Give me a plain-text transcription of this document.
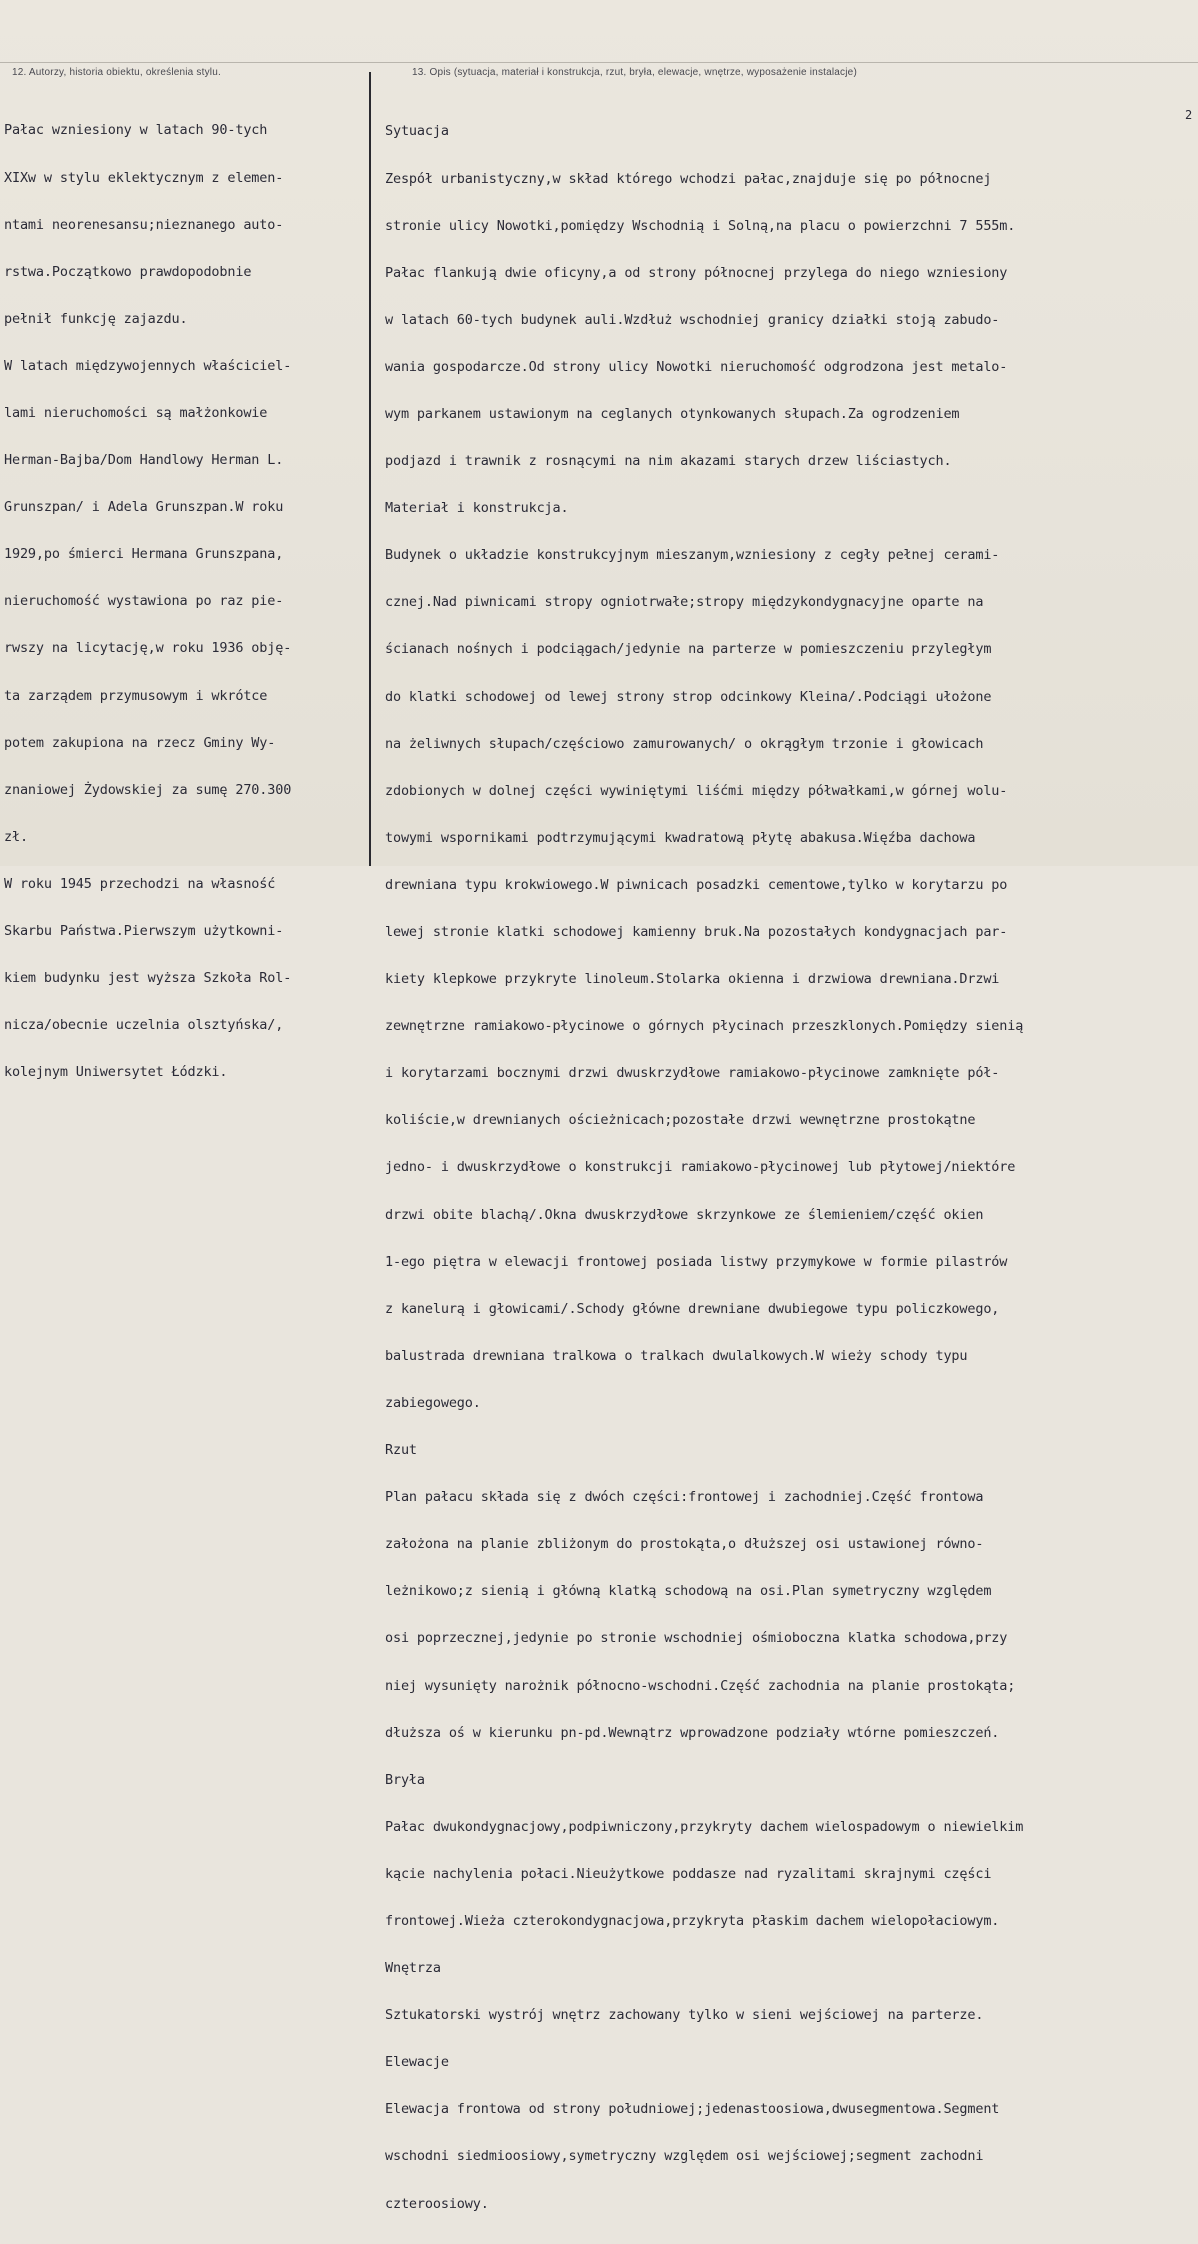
12. Autorzy, historia obiektu, określenia stylu.	13. Opis (sytuacja, materiał i konstrukcja, rzut, bryła, elewacje, wnętrze, wyposażenie instalacje)

Pałac wzniesiony w latach 90-tych

XIXw w stylu eklektycznym z elemen-

ntami neorenesansu;nieznanego auto-

rstwa.Początkowo prawdopodobnie

pełnił funkcję zajazdu.

W latach międzywojennych właściciel-

lami nieruchomości są małżonkowie

Herman-Bajba/Dom Handlowy Herman L.

Grunszpan/ i Adela Grunszpan.W roku

1929,po śmierci Hermana Grunszpana,

nieruchomość wystawiona po raz pie-

rwszy na licytację,w roku 1936 obję-

ta zarządem przymusowym i wkrótce

potem zakupiona na rzecz Gminy Wy-

znaniowej Żydowskiej za sumę 270.300

zł.

W roku 1945 przechodzi na własność

Skarbu Państwa.Pierwszym użytkowni-

kiem budynku jest wyższa Szkoła Rol-

nicza/obecnie uczelnia olsztyńska/,

kolejnym Uniwersytet Łódzki.

Sytuacja

Zespół urbanistyczny,w skład którego wchodzi pałac,znajduje się po północnej

stronie ulicy Nowotki,pomiędzy Wschodnią i Solną,na placu o powierzchni 7 555m.

Pałac flankują dwie oficyny,a od strony północnej przylega do niego wzniesiony

w latach 60-tych budynek auli.Wzdłuż wschodniej granicy działki stoją zabudo-

wania gospodarcze.Od strony ulicy Nowotki nieruchomość odgrodzona jest metalo-

wym parkanem ustawionym na ceglanych otynkowanych słupach.Za ogrodzeniem

podjazd i trawnik z rosnącymi na nim akazami starych drzew liściastych.

Materiał i konstrukcja.

Budynek o układzie konstrukcyjnym mieszanym,wzniesiony z cegły pełnej cerami-

cznej.Nad piwnicami stropy ogniotrwałe;stropy międzykondygnacyjne oparte na

ścianach nośnych i podciągach/jedynie na parterze w pomieszczeniu przyległym

do klatki schodowej od lewej strony strop odcinkowy Kleina/.Podciągi ułożone

na żeliwnych słupach/częściowo zamurowanych/ o okrągłym trzonie i głowicach

zdobionych w dolnej części wywiniętymi liśćmi między półwałkami,w górnej wolu-

towymi wspornikami podtrzymującymi kwadratową płytę abakusa.Więźba dachowa

drewniana typu krokwiowego.W piwnicach posadzki cementowe,tylko w korytarzu po

lewej stronie klatki schodowej kamienny bruk.Na pozostałych kondygnacjach par-

kiety klepkowe przykryte linoleum.Stolarka okienna i drzwiowa drewniana.Drzwi

zewnętrzne ramiakowo-płycinowe o górnych płycinach przeszklonych.Pomiędzy sienią

i korytarzami bocznymi drzwi dwuskrzydłowe ramiakowo-płycinowe zamknięte pół-

koliście,w drewnianych ościeżnicach;pozostałe drzwi wewnętrzne prostokątne

jedno- i dwuskrzydłowe o konstrukcji ramiakowo-płycinowej lub płytowej/niektóre

drzwi obite blachą/.Okna dwuskrzydłowe skrzynkowe ze ślemieniem/część okien

1-ego piętra w elewacji frontowej posiada listwy przymykowe w formie pilastrów

z kanelurą i głowicami/.Schody główne drewniane dwubiegowe typu policzkowego,

balustrada drewniana tralkowa o tralkach dwulalkowych.W wieży schody typu

zabiegowego.

Rzut

Plan pałacu składa się z dwóch części:frontowej i zachodniej.Część frontowa

założona na planie zbliżonym do prostokąta,o dłuższej osi ustawionej równo-

leżnikowo;z sienią i główną klatką schodową na osi.Plan symetryczny względem

osi poprzecznej,jedynie po stronie wschodniej ośmioboczna klatka schodowa,przy

niej wysunięty narożnik północno-wschodni.Część zachodnia na planie prostokąta;

dłuższa oś w kierunku pn-pd.Wewnątrz wprowadzone podziały wtórne pomieszczeń.

Bryła

Pałac dwukondygnacjowy,podpiwniczony,przykryty dachem wielospadowym o niewielkim

kącie nachylenia połaci.Nieużytkowe poddasze nad ryzalitami skrajnymi części

frontowej.Wieża czterokondygnacjowa,przykryta płaskim dachem wielopołaciowym.

Wnętrza

Sztukatorski wystrój wnętrz zachowany tylko w sieni wejściowej na parterze.

Elewacje

Elewacja frontowa od strony południowej;jedenastoosiowa,dwusegmentowa.Segment

wschodni siedmioosiowy,symetryczny względem osi wejściowej;segment zachodni

czteroosiowy.

2
